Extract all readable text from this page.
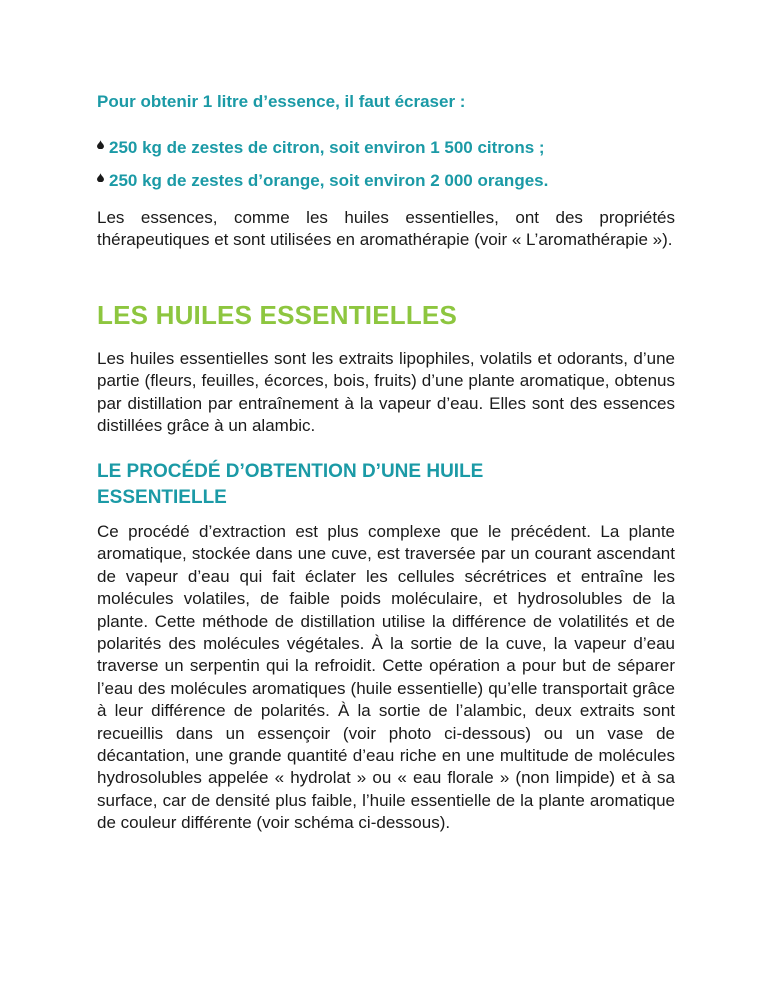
Pour obtenir 1 litre d’essence, il faut écraser :
250 kg de zestes de citron, soit environ 1 500 citrons ;
250 kg de zestes d’orange, soit environ 2 000 oranges.

Les essences, comme les huiles essentielles, ont des propriétés thérapeutiques et sont utilisées en aromathérapie (voir « L’aromathérapie »).

LES HUILES ESSENTIELLES

Les huiles essentielles sont les extraits lipophiles, volatils et odorants, d’une partie (fleurs, feuilles, écorces, bois, fruits) d’une plante aromatique, obtenus par distillation par entraînement à la vapeur d’eau. Elles sont des essences distillées grâce à un alambic.

LE PROCÉDÉ D’OBTENTION D’UNE HUILE ESSENTIELLE

Ce procédé d’extraction est plus complexe que le précédent. La plante aromatique, stockée dans une cuve, est traversée par un courant ascendant de vapeur d’eau qui fait éclater les cellules sécrétrices et entraîne les molécules volatiles, de faible poids moléculaire, et hydrosolubles de la plante. Cette méthode de distillation utilise la différence de volatilités et de polarités des molécules végétales. À la sortie de la cuve, la vapeur d’eau traverse un serpentin qui la refroidit. Cette opération a pour but de séparer l’eau des molécules aromatiques (huile essentielle) qu’elle transportait grâce à leur différence de polarités. À la sortie de l’alambic, deux extraits sont recueillis dans un essençoir (voir photo ci-dessous) ou un vase de décantation, une grande quantité d’eau riche en une multitude de molécules hydrosolubles appelée « hydrolat » ou « eau florale » (non limpide) et à sa surface, car de densité plus faible, l’huile essentielle de la plante aromatique de couleur différente (voir schéma ci-dessous).
